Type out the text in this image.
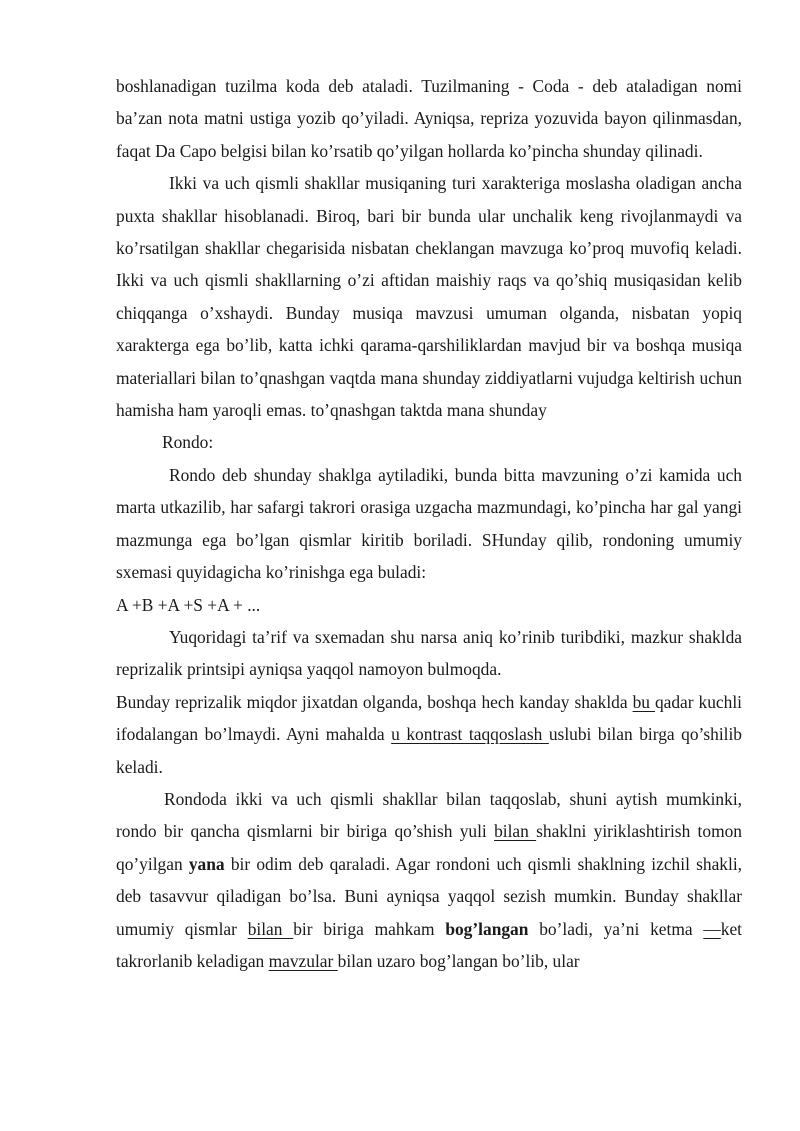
boshlanadigan tuzilma koda deb ataladi. Tuzilmaning - Coda - deb ataladigan nomi ba’zan nota matni ustiga yozib qo’yiladi. Ayniqsa, repriza yozuvida bayon qilinmasdan, faqat Da Capo belgisi bilan ko’rsatib qo’yilgan hollarda ko’pincha shunday qilinadi.

Ikki va uch qismli shakllar musiqaning turi xarakteriga moslasha oladigan ancha puxta shakllar hisoblanadi. Biroq, bari bir bunda ular unchalik keng rivojlanmaydi va ko’rsatilgan shakllar chegarisida nisbatan cheklangan mavzuga ko’proq muvofiq keladi. Ikki va uch qismli shakllarning o’zi aftidan maishiy raqs va qo’shiq musiqasidan kelib chiqqanga o’xshaydi. Bunday musiqa mavzusi umuman olganda, nisbatan yopiq xarakterga ega bo’lib, katta ichki qarama-qarshiliklardan mavjud bir va boshqa musiqa materiallari bilan to’qnashgan vaqtda mana shunday ziddiyatlarni vujudga keltirish uchun hamisha ham yaroqli emas. to’qnashgan taktda mana shunday

Rondo:

Rondo deb shunday shaklga aytiladiki, bunda bitta mavzuning o’zi kamida uch marta utkazilib, har safargi takrori orasiga uzgacha mazmundagi, ko’pincha har gal yangi mazmunga ega bo’lgan qismlar kiritib boriladi. SHunday qilib, rondoning umumiy sxemasi quyidagicha ko’rinishga ega buladi:

A +B +A +S +A + ...

Yuqoridagi ta’rif va sxemadan shu narsa aniq ko’rinib turibdiki, mazkur shaklda reprizalik printsipi ayniqsa yaqqol namoyon bulmoqda.

Bunday reprizalik miqdor jixatdan olganda, boshqa hech kanday shaklda bu qadar kuchli ifodalangan bo’lmaydi. Ayni mahalda u kontrast taqqoslash uslubi bilan birga qo’shilib keladi.

Rondoda ikki va uch qismli shakllar bilan taqqoslab, shuni aytish mumkinki, rondo bir qancha qismlarni bir biriga qo’shish yuli bilan shaklni yiriklashtirish tomon qo’yilgan yana bir odim deb qaraladi. Agar rondoni uch qismli shaklning izchil shakli, deb tasavvur qiladigan bo’lsa. Buni ayniqsa yaqqol sezish mumkin. Bunday shakllar umumiy qismlar bilan bir biriga mahkam bog’langan bo’ladi, ya’ni ketma —ket takrorlanib keladigan mavzular bilan uzaro bog’langan bo’lib, ular
